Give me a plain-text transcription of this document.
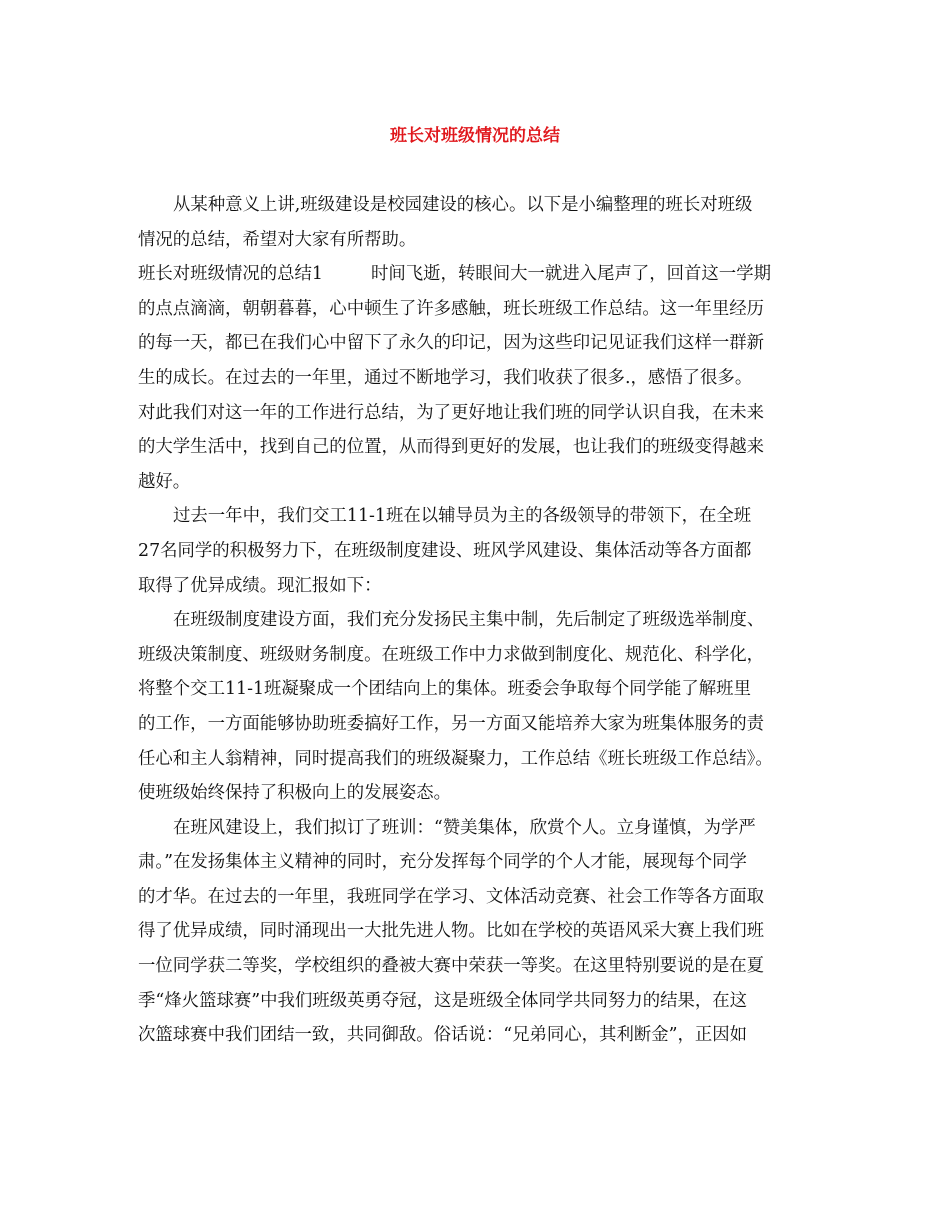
班长对班级情况的总结
从某种意义上讲,班级建设是校园建设的核心。以下是小编整理的班长对班级
情况的总结，希望对大家有所帮助。
班长对班级情况的总结1	时间飞逝，转眼间大一就进入尾声了，回首这一学期
的点点滴滴，朝朝暮暮，心中顿生了许多感触，班长班级工作总结。这一年里经历
的每一天，都已在我们心中留下了永久的印记，因为这些印记见证我们这样一群新
生的成长。在过去的一年里，通过不断地学习，我们收获了很多.，感悟了很多。
对此我们对这一年的工作进行总结，为了更好地让我们班的同学认识自我，在未来
的大学生活中，找到自己的位置，从而得到更好的发展，也让我们的班级变得越来
越好。
过去一年中，我们交工11-1班在以辅导员为主的各级领导的带领下，在全班
27名同学的积极努力下，在班级制度建设、班风学风建设、集体活动等各方面都
取得了优异成绩。现汇报如下：
在班级制度建设方面，我们充分发扬民主集中制，先后制定了班级选举制度、
班级决策制度、班级财务制度。在班级工作中力求做到制度化、规范化、科学化，
将整个交工11-1班凝聚成一个团结向上的集体。班委会争取每个同学能了解班里
的工作，一方面能够协助班委搞好工作，另一方面又能培养大家为班集体服务的责
任心和主人翁精神，同时提高我们的班级凝聚力，工作总结《班长班级工作总结》。
使班级始终保持了积极向上的发展姿态。
在班风建设上，我们拟订了班训：“赞美集体，欣赏个人。立身谨慎，为学严
肃。”在发扬集体主义精神的同时，充分发挥每个同学的个人才能，展现每个同学
的才华。在过去的一年里，我班同学在学习、文体活动竞赛、社会工作等各方面取
得了优异成绩，同时涌现出一大批先进人物。比如在学校的英语风采大赛上我们班
一位同学获二等奖，学校组织的叠被大赛中荣获一等奖。在这里特别要说的是在夏
季“烽火篮球赛”中我们班级英勇夺冠，这是班级全体同学共同努力的结果，在这
次篮球赛中我们团结一致，共同御敌。俗话说：“兄弟同心，其利断金”，正因如
